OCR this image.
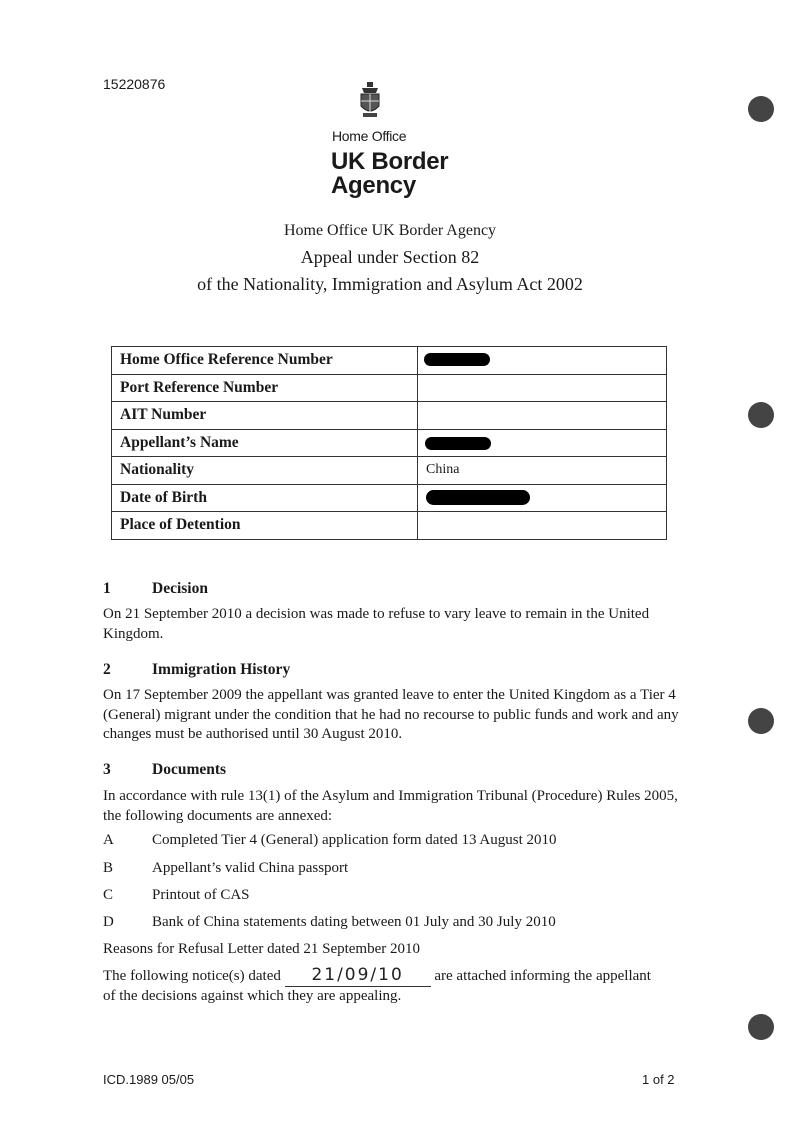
15220876
Home Office
UK Border
Agency
Home Office UK Border Agency
Appeal under Section 82
of the Nationality, Immigration and Asylum Act 2002
Home Office Reference Number	

Port Reference Number	
AIT Number	
Appellant’s Name	

Nationality	China
Date of Birth	

Place of Detention	
1	Decision
On 21 September 2010 a decision was made to refuse to vary leave to remain in the United Kingdom.
2	Immigration History
On 17 September 2009 the appellant was granted leave to enter the United Kingdom as a Tier 4 (General) migrant under the condition that he had no recourse to public funds and work and any changes must be authorised until 30 August 2010.
3	Documents
In accordance with rule 13(1) of the Asylum and Immigration Tribunal (Procedure) Rules 2005, the following documents are annexed:
A	Completed Tier 4 (General) application form dated 13 August 2010
B	Appellant’s valid China passport
C	Printout of CAS
D	Bank of China statements dating between 01 July and 30 July 2010
Reasons for Refusal Letter dated 21 September 2010
The following notice(s) dated 21/09/10 are attached informing the appellant
of the decisions against which they are appealing.
ICD.1989 05/05	1 of 2
